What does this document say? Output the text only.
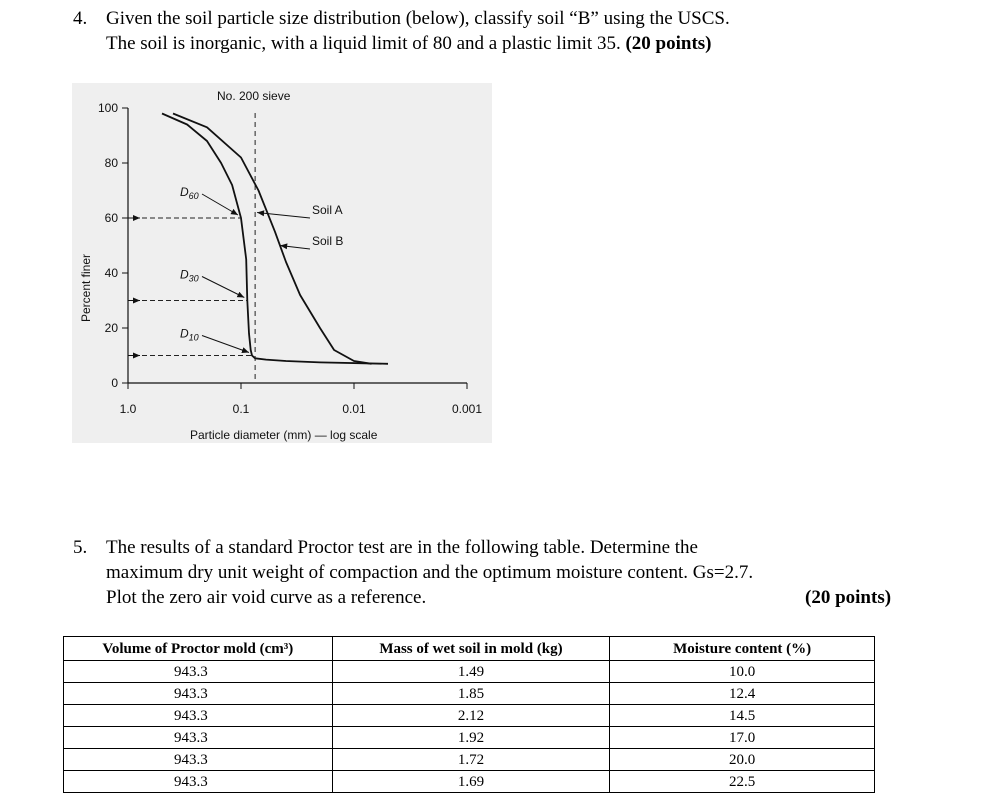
4. Given the soil particle size distribution (below), classify soil “B” using the USCS.
The soil is inorganic, with a liquid limit of 80 and a plastic limit 35. (20 points)
0
20
40
60
80
100
1.0	0.1	0.01	0.001
$D_{60}$
$D_{30}$
$D_{10}$
No. 200 sieve
Soil A
Soil B
Particle diameter (mm) — log scale
Percent finer
5. The results of a standard Proctor test are in the following table. Determine the
maximum dry unit weight of compaction and the optimum moisture content. Gs=2.7.
Plot the zero air void curve as a reference.	(20 points)
Volume of Proctor mold (cm³)	Mass of wet soil in mold (kg)	Moisture content (%)
943.3	1.49	10.0
943.3	1.85	12.4
943.3	2.12	14.5
943.3	1.92	17.0
943.3	1.72	20.0
943.3	1.69	22.5
